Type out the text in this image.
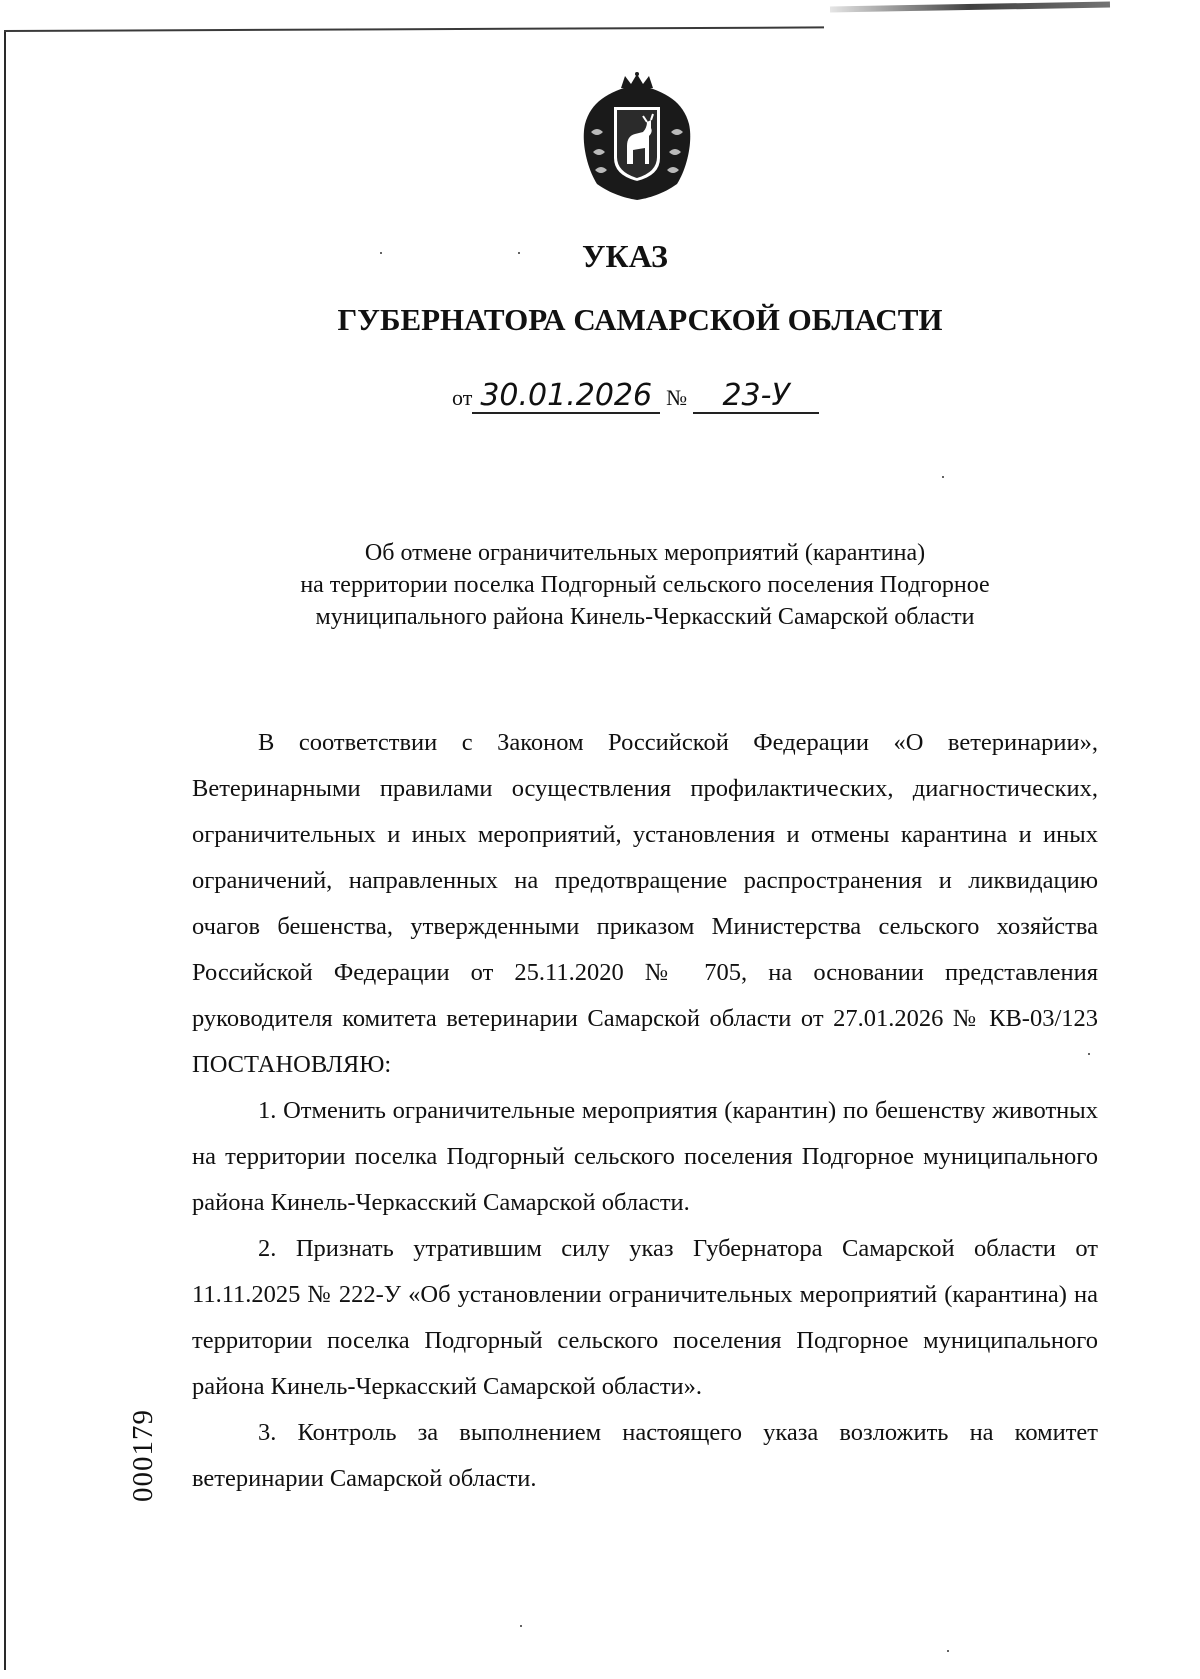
УКАЗ
ГУБЕРНАТОРА САМАРСКОЙ ОБЛАСТИ
от 30.01.2026 № 23-У
Об отмене ограничительных мероприятий (карантина)
на территории поселка Подгорный сельского поселения Подгорное
муниципального района Кинель-Черкасский Самарской области

В соответствии с Законом Российской Федерации «О ветеринарии», Ветеринарными правилами осуществления профилактических, диагностических, ограничительных и иных мероприятий, установления и отмены карантина и иных ограничений, направленных на предотвращение распространения и ликвидацию очагов бешенства, утвержденными приказом Министерства сельского хозяйства Российской Федерации от 25.11.2020 № 705, на основании представления руководителя комитета ветеринарии Самарской области от 27.01.2026 № КВ-03/123 ПОСТАНОВЛЯЮ:

1. Отменить ограничительные мероприятия (карантин) по бешенству животных на территории поселка Подгорный сельского поселения Подгорное муниципального района Кинель-Черкасский Самарской области.

2. Признать утратившим силу указ Губернатора Самарской области от 11.11.2025 № 222-У «Об установлении ограничительных мероприятий (карантина) на территории поселка Подгорный сельского поселения Подгорное муниципального района Кинель-Черкасский Самарской области».

3. Контроль за выполнением настоящего указа возложить на комитет ветеринарии Самарской области.

000179
